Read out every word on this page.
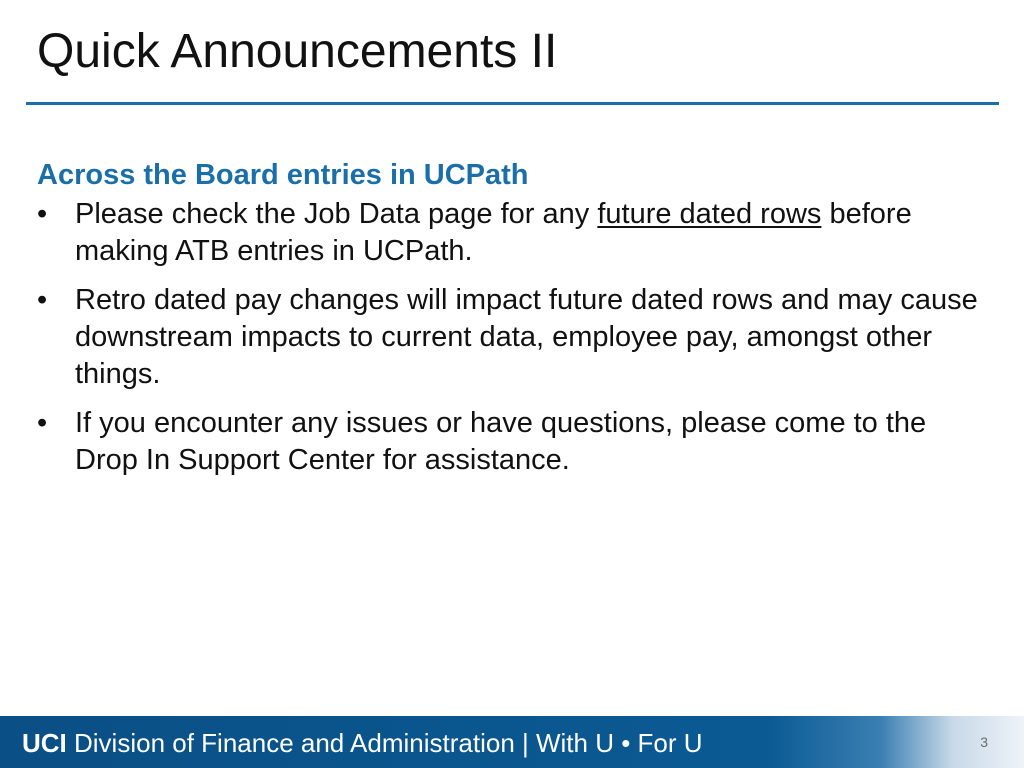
Quick Announcements II
Across the Board entries in UCPath
• Please check the Job Data page for any future dated rows before making ATB entries in UCPath.
• Retro dated pay changes will impact future dated rows and may cause downstream impacts to current data, employee pay, amongst other things.
• If you encounter any issues or have questions, please come to the Drop In Support Center for assistance.
UCI Division of Finance and Administration | With U • For U	3
